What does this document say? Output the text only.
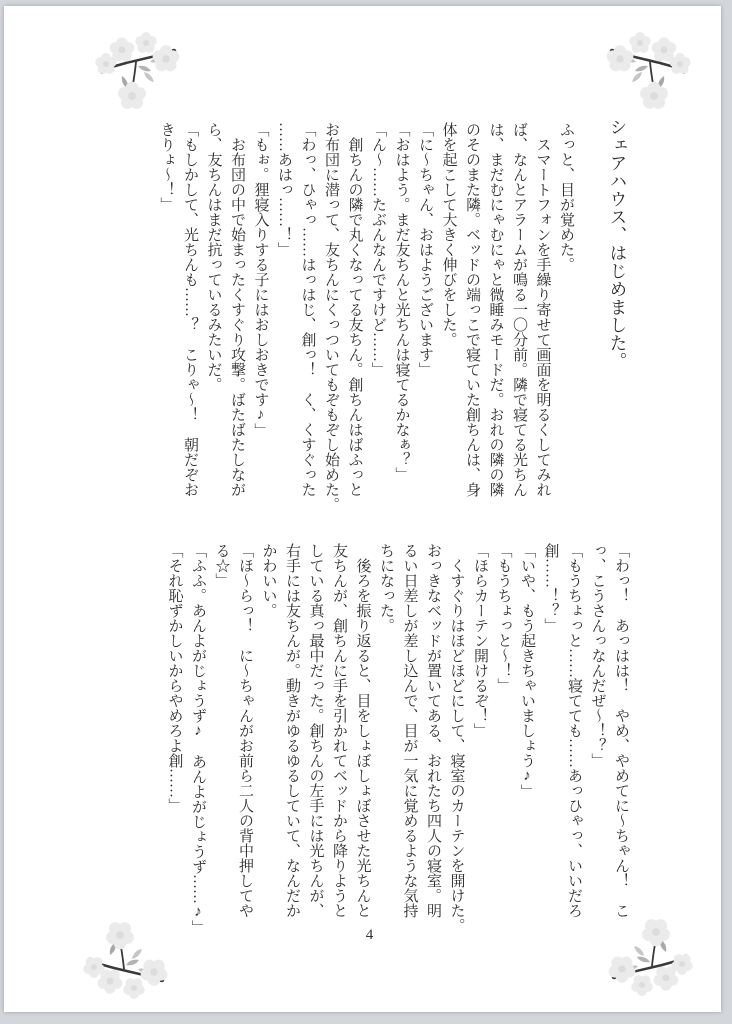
シェアハウス、はじめました。
ふっと、目が覚めた。
　スマートフォンを手繰り寄せて画面を明るくしてみれ
ば、なんとアラームが鳴る一〇分前。隣で寝てる光ちん
は、まだむにゃむにゃと微睡みモードだ。おれの隣の隣
のそのまた隣。ベッドの端っこで寝ていた創ちんは、身
体を起こして大きく伸びをした。
「に〜ちゃん、おはようございます」
「おはよう。まだ友ちんと光ちんは寝てるかなぁ？」
「ん〜……たぶんなんですけど……」
　創ちんの隣で丸くなってる友ちん。創ちんはばふっと
お布団に潜って、友ちんにくっついてもぞもぞし始めた。
「わっ、ひゃっ……はっはじ、創っ！　く、くすぐった
……あはっ……！」
「もぉ。狸寝入りする子にはおしおきです♪」
　お布団の中で始まったくすぐり攻撃。ばたばたしなが
ら、友ちんはまだ抗っているみたいだ。
「もしかして、光ちんも……？　こりゃ〜！　朝だぞお
きりょ〜！」
「わっ！　あっはは！　やめ、やめてに〜ちゃん！　こ
っ、こうさんっなんだぜ〜！？」
「もうちょっと……寝てても……あっひゃっ、いいだろ
創……！？」
「いや、もう起きちゃいましょう♪」
「もうちょっと〜！」
「ほらカーテン開けるぞ！」
　くすぐりはほどほどにして、寝室のカーテンを開けた。
おっきなベッドが置いてある、おれたち四人の寝室。明
るい日差しが差し込んで、目が一気に覚めるような気持
ちになった。
　後ろを振り返ると、目をしょぼしょぼさせた光ちんと
友ちんが、創ちんに手を引かれてベッドから降りようと
している真っ最中だった。創ちんの左手には光ちんが、
右手には友ちんが。動きがゆるゆるしていて、なんだか
かわいい。
「ほ〜らっ！　に〜ちゃんがお前ら二人の背中押してや
る☆」
「ふふ。あんよがじょうず♪　あんよがじょうず……♪」
「それ恥ずかしいからやめろよ創……」
4
